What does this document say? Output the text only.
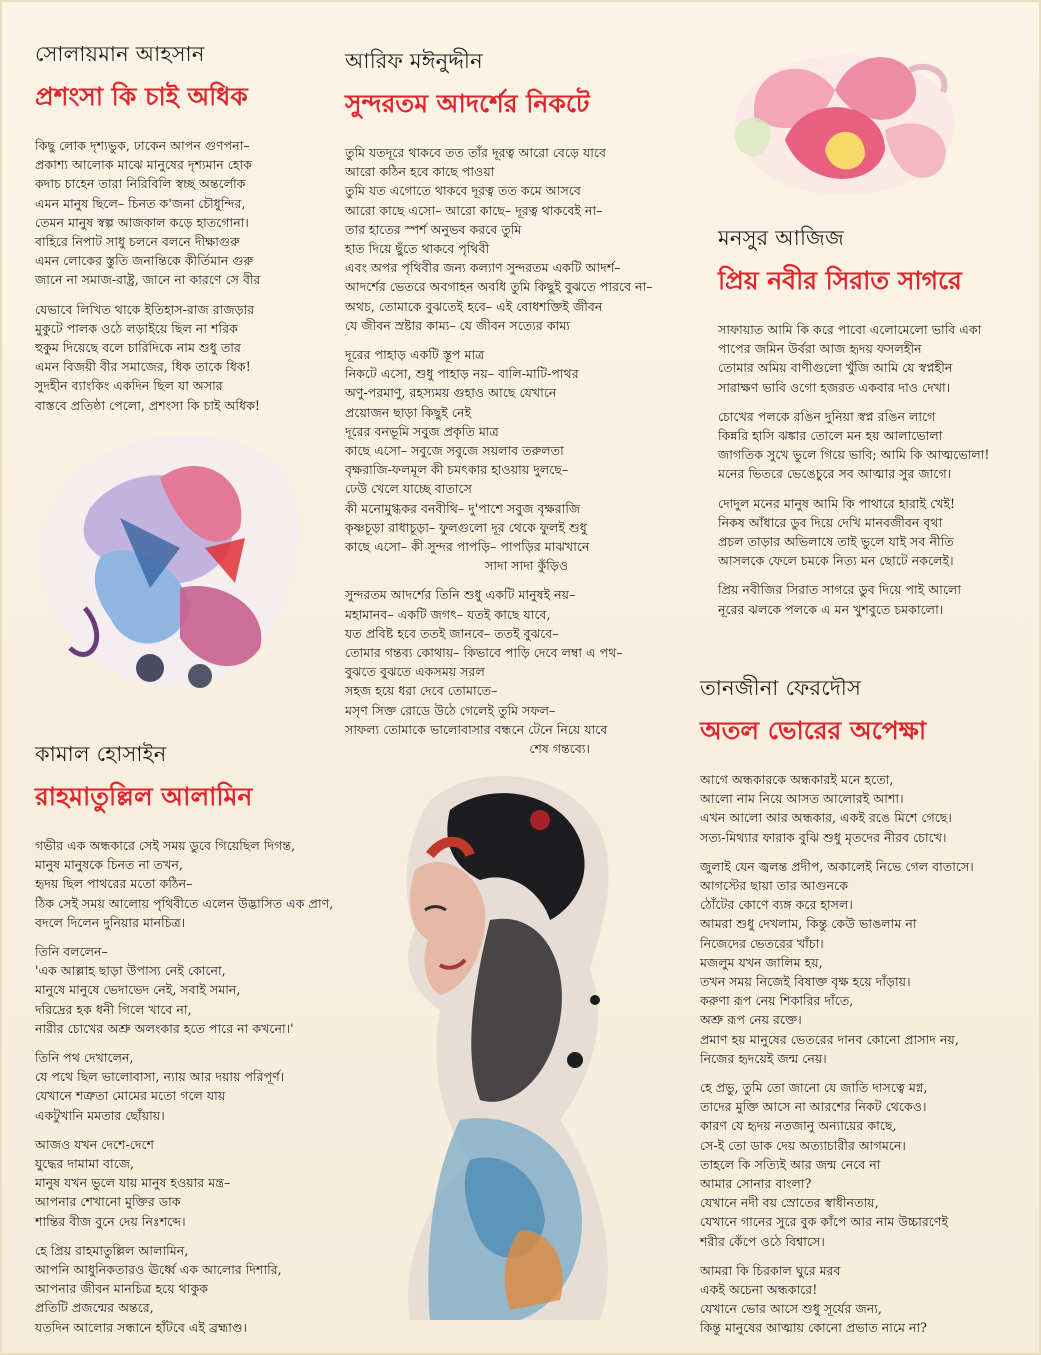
সোলায়মান আহসান

প্রশংসা কি চাই অধিক

কিছু লোক দৃশ্যভুক, ঢাকেন আপন গুণপনা–
প্রকাশ্য আলোক মাঝে মানুষের দৃশ্যমান হোক
কদাচ চাহেন তারা নিরিবিলি স্বচ্ছ অন্তর্লোক
এমন মানুষ ছিলে– চিনত ক'জনা চৌধুন্দির,
তেমন মানুষ স্বল্প আজকাল কড়ে হাতগোনা।
বাহিরে নিপাট সাধু চলনে বলনে দীক্ষাগুরু
এমন লোকের স্তুতি জনান্তিকে কীর্তিমান গুরু
জানে না সমাজ-রাষ্ট্র, জানে না কারণে সে বীর
যেভাবে লিখিত থাকে ইতিহাস-রাজ রাজড়ার
মুকুটে পালক ওঠে লড়াইয়ে ছিল না শরিক
হুকুম দিয়েছে বলে চারিদিকে নাম শুধু তার
এমন বিজয়ী বীর সমাজের, ধিক তাকে ধিক!
সুদহীন ব্যাংকিং একদিন ছিল যা অসার
বাস্তবে প্রতিষ্ঠা পেলো, প্রশংসা কি চাই অধিক!

আরিফ মঈনুদ্দীন

সুন্দরতম আদর্শের নিকটে

তুমি যতদূরে থাকবে তত তাঁর দূরত্ব আরো বেড়ে যাবে
আরো কঠিন হবে কাছে পাওয়া
তুমি যত এগোতে থাকবে দূরত্ব তত কমে আসবে
আরো কাছে এসো– আরো কাছে– দূরত্ব থাকবেই না–
তার হাতের স্পর্শ অনুভব করবে তুমি
হাত দিয়ে ছুঁতে থাকবে পৃথিবী
এবং অপর পৃথিবীর জন্য কল্যাণ সুন্দরতম একটি আদর্শ–
আদর্শের ভেতরে অবগাহন অবধি তুমি কিছুই বুঝতে পারবে না–
অথচ, তোমাকে বুঝতেই হবে– এই বোধশক্তিই জীবন
যে জীবন স্রষ্টার কাম্য– যে জীবন সত্যের কাম্য
দূরের পাহাড় একটি স্তূপ মাত্র
নিকটে এসো, শুধু পাহাড় নয়– বালি-মাটি-পাথর
অণু-পরমাণু, রহস্যময় গুহাও আছে যেখানে
প্রয়োজন ছাড়া কিছুই নেই
দূরের বনভূমি সবুজ প্রকৃতি মাত্র
কাছে এসো– সবুজে সবুজে সয়লাব তরুলতা
বৃক্ষরাজি-ফলমূল কী চমৎকার হাওয়ায় দুলছে–
ঢেউ খেলে যাচ্ছে বাতাসে
কী মনোমুগ্ধকর বনবীথি– দু'পাশে সবুজ বৃক্ষরাজি
কৃষ্ণচূড়া রাধাচূড়া– ফুলগুলো দূর থেকে ফুলই শুধু
কাছে এসো– কী সুন্দর পাপড়ি– পাপড়ির মাঝখানে
সাদা সাদা কুঁড়িও
সুন্দরতম আদর্শের তিনি শুধু একটি মানুষই নয়–
মহামানব– একটি জগৎ– যতই কাছে যাবে,
যত প্রবিষ্ট হবে ততই জানবে– ততই বুঝবে–
তোমার গন্তব্য কোথায়– কিভাবে পাড়ি দেবে লম্বা এ পথ–
বুঝতে বুঝতে একসময় সরল
সহজ হয়ে ধরা দেবে তোমাতে–
মসৃণ সিক্ত রোডে উঠে গেলেই তুমি সফল–
সাফল্য তোমাকে ভালোবাসার বন্ধনে টেনে নিয়ে যাবে
শেষ গন্তব্যে।

মনসুর আজিজ

প্রিয় নবীর সিরাত সাগরে

সাফায়াত আমি কি করে পাবো এলোমেলো ভাবি একা
পাপের জমিন উর্বরা আজ হৃদয় ফসলহীন
তোমার অমিয় বাণীগুলো খুঁজি আমি যে স্বপ্নহীন
সারাক্ষণ ভাবি ওগো হজরত একবার দাও দেখা।
চোখের পলকে রঙিন দুনিয়া স্বপ্ন রঙিন লাগে
কিন্নরি হাসি ঝঙ্কার তোলে মন হয় আলাভোলা
জাগতিক সুখে ভুলে গিয়ে ভাবি; আমি কি আত্মভোলা!
মনের ভিতরে ভেঙেচুরে সব আত্মার সুর জাগে।
দোদুল মনের মানুষ আমি কি পাথারে হারাই খেই!
নিকষ আঁধারে ডুব দিয়ে দেখি মানবজীবন বৃথা
প্রচল তাড়ার অভিলাষে তাই ভুলে যাই সব নীতি
আসলকে ফেলে চমকে নিত্য মন ছোটে নকলেই।
প্রিয় নবীজির সিরাত সাগরে ডুব দিয়ে পাই আলো
নূরের ঝলকে পলকে এ মন খুশবুতে চমকালো।

কামাল হোসাইন

রাহমাতুল্লিল আলামিন

গভীর এক অন্ধকারে সেই সময় ডুবে গিয়েছিল দিগন্ত,
মানুষ মানুষকে চিনত না তখন,
হৃদয় ছিল পাথরের মতো কঠিন–
ঠিক সেই সময় আলোয় পৃথিবীতে এলেন উদ্ভাসিত এক প্রাণ,
বদলে দিলেন দুনিয়ার মানচিত্র।
তিনি বললেন–
'এক আল্লাহ ছাড়া উপাস্য নেই কোনো,
মানুষে মানুষে ভেদাভেদ নেই, সবাই সমান,
দরিদ্রের হক ধনী গিলে খাবে না,
নারীর চোখের অশ্রু অলংকার হতে পারে না কখনো।'
তিনি পথ দেখালেন,
যে পথে ছিল ভালোবাসা, ন্যায় আর দয়ায় পরিপূর্ণ।
যেখানে শত্রুতা মোমের মতো গলে যায়
একটুখানি মমতার ছোঁয়ায়।
আজও যখন দেশে-দেশে
যুদ্ধের দামামা বাজে,
মানুষ যখন ভুলে যায় মানুষ হওয়ার মন্ত্র–
আপনার শেখানো মুক্তির ডাক
শান্তির বীজ বুনে দেয় নিঃশব্দে।
হে প্রিয় রাহমাতুল্লিল আলামিন,
আপনি আধুনিকতারও ঊর্ধ্বে এক আলোর দিশারি,
আপনার জীবন মানচিত্র হয়ে থাকুক
প্রতিটি প্রজন্মের অন্তরে,
যতদিন আলোর সন্ধানে হাঁটবে এই ব্রহ্মাণ্ড।

তানজীনা ফেরদৌস

অতল ভোরের অপেক্ষা

আগে অন্ধকারকে অন্ধকারই মনে হতো,
আলো নাম নিয়ে আসত আলোরই আশা।
এখন আলো আর অন্ধকার, একই রঙে মিশে গেছে।
সত্য-মিথ্যার ফারাক বুঝি শুধু মৃতদের নীরব চোখে।
জুলাই যেন জ্বলন্ত প্রদীপ, অকালেই নিভে গেল বাতাসে।
আগস্টের ছায়া তার আগুনকে
ঠোঁটের কোণে ব্যঙ্গ করে হাসল।
আমরা শুধু দেখলাম, কিন্তু কেউ ভাঙলাম না
নিজেদের ভেতরের খাঁচা।
মজলুম যখন জালিম হয়,
তখন সময় নিজেই বিষাক্ত বৃক্ষ হয়ে দাঁড়ায়।
করুণা রূপ নেয় শিকারির দাঁতে,
অশ্রু রূপ নেয় রক্তে।
প্রমাণ হয় মানুষের ভেতরের দানব কোনো প্রাসাদ নয়,
নিজের হৃদয়েই জন্ম নেয়।
হে প্রভু, তুমি তো জানো যে জাতি দাসত্বে মগ্ন,
তাদের মুক্তি আসে না আরশের নিকট থেকেও।
কারণ যে হৃদয় নতজানু অন্যায়ের কাছে,
সে-ই তো ডাক দেয় অত্যাচারীর আগমনে।
তাহলে কি সত্যিই আর জন্ম নেবে না
আমার সোনার বাংলা?
যেখানে নদী বয় স্রোতের স্বাধীনতায়,
যেখানে গানের সুরে বুক কাঁপে আর নাম উচ্চারণেই
শরীর কেঁপে ওঠে বিশ্বাসে।
আমরা কি চিরকাল ঘুরে মরব
একই অচেনা অন্ধকারে!
যেখানে ভোর আসে শুধু সূর্যের জন্য,
কিন্তু মানুষের আত্মায় কোনো প্রভাত নামে না?
